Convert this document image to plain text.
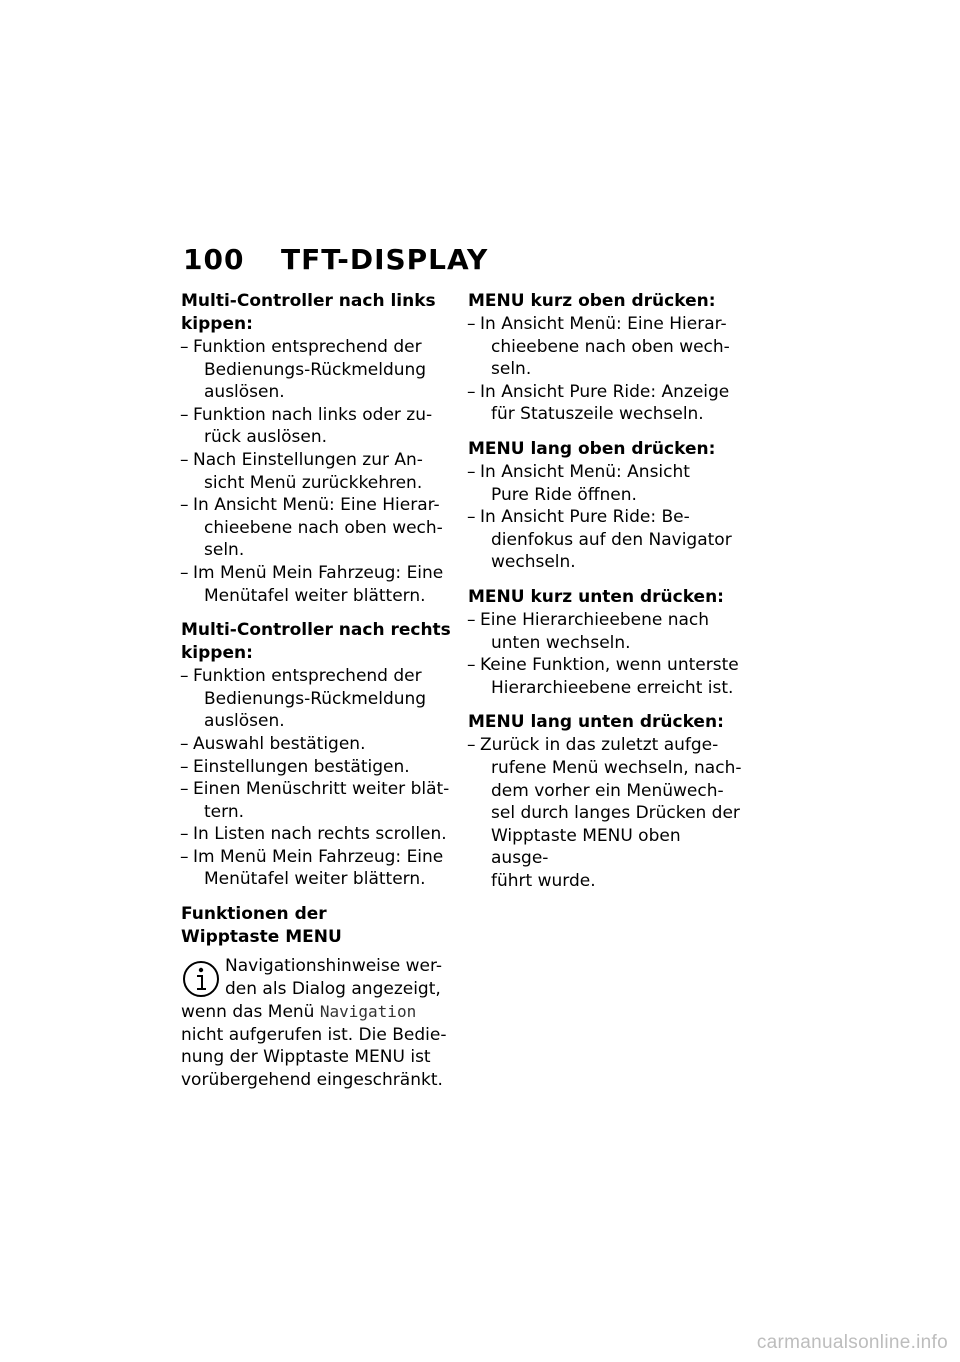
100 TFT-DISPLAY
Multi-Controller nach links
kippen:
– Funktion entsprechend der
Bedienungs-Rückmeldung
auslösen.
– Funktion nach links oder zu-
rück auslösen.
– Nach Einstellungen zur An-
sicht Menü zurückkehren.
– In Ansicht Menü: Eine Hierar-
chieebene nach oben wech-
seln.
– Im Menü Mein Fahrzeug: Eine
Menütafel weiter blättern.
Multi-Controller nach rechts
kippen:
– Funktion entsprechend der
Bedienungs-Rückmeldung
auslösen.
– Auswahl bestätigen.
– Einstellungen bestätigen.
– Einen Menüschritt weiter blät-
tern.
– In Listen nach rechts scrollen.
– Im Menü Mein Fahrzeug: Eine
Menütafel weiter blättern.
Funktionen der
Wipptaste MENU
Navigationshinweise wer-
den als Dialog angezeigt,
wenn das Menü Navigation
nicht aufgerufen ist. Die Bedie-
nung der Wipptaste MENU ist
vorübergehend eingeschränkt.
MENU kurz oben drücken:
– In Ansicht Menü: Eine Hierar-
chieebene nach oben wech-
seln.
– In Ansicht Pure Ride: Anzeige
für Statuszeile wechseln.
MENU lang oben drücken:
– In Ansicht Menü: Ansicht
Pure Ride öffnen.
– In Ansicht Pure Ride: Be-
dienfokus auf den Navigator
wechseln.
MENU kurz unten drücken:
– Eine Hierarchieebene nach
unten wechseln.
– Keine Funktion, wenn unterste
Hierarchieebene erreicht ist.
MENU lang unten drücken:
– Zurück in das zuletzt aufge-
rufene Menü wechseln, nach-
dem vorher ein Menüwech-
sel durch langes Drücken der
Wipptaste MENU oben ausge-
führt wurde.
carmanualsonline.info
